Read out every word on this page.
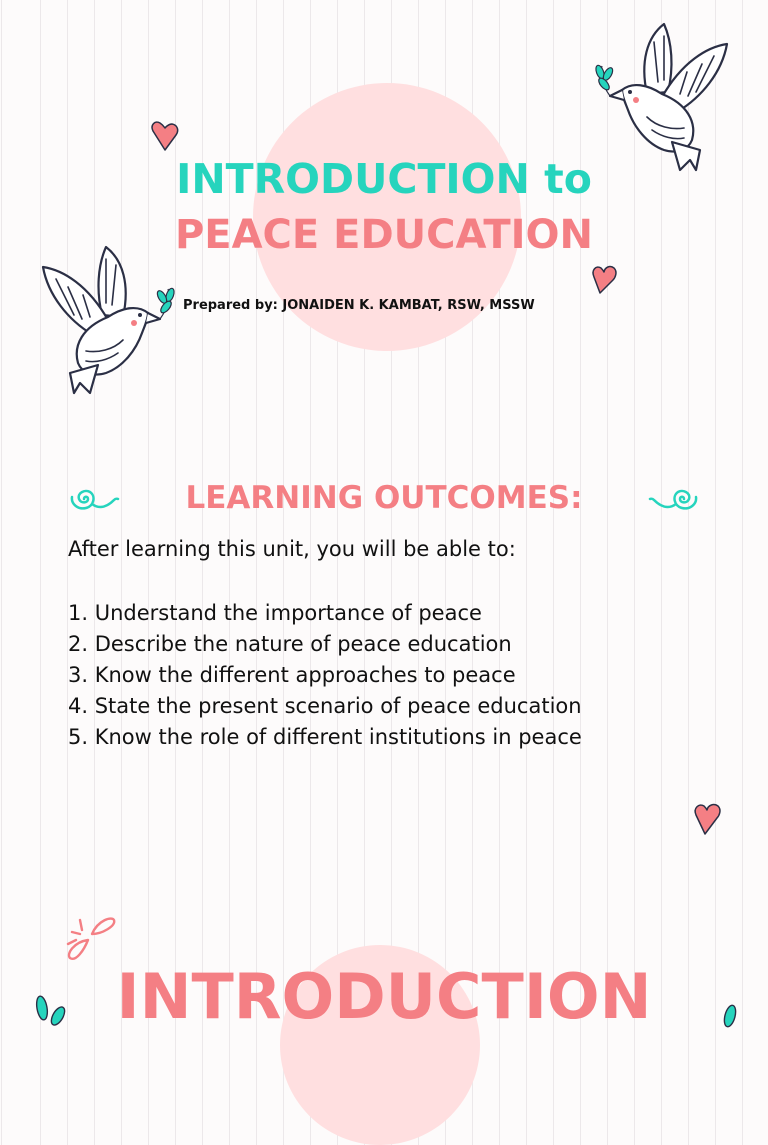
INTRODUCTION to
PEACE EDUCATION
Prepared by: JONAIDEN K. KAMBAT, RSW, MSSW
LEARNING OUTCOMES:
After learning this unit, you will be able to:
1. Understand the importance of peace
2. Describe the nature of peace education
3. Know the different approaches to peace
4. State the present scenario of peace education
5. Know the role of different institutions in peace
INTRODUCTION
